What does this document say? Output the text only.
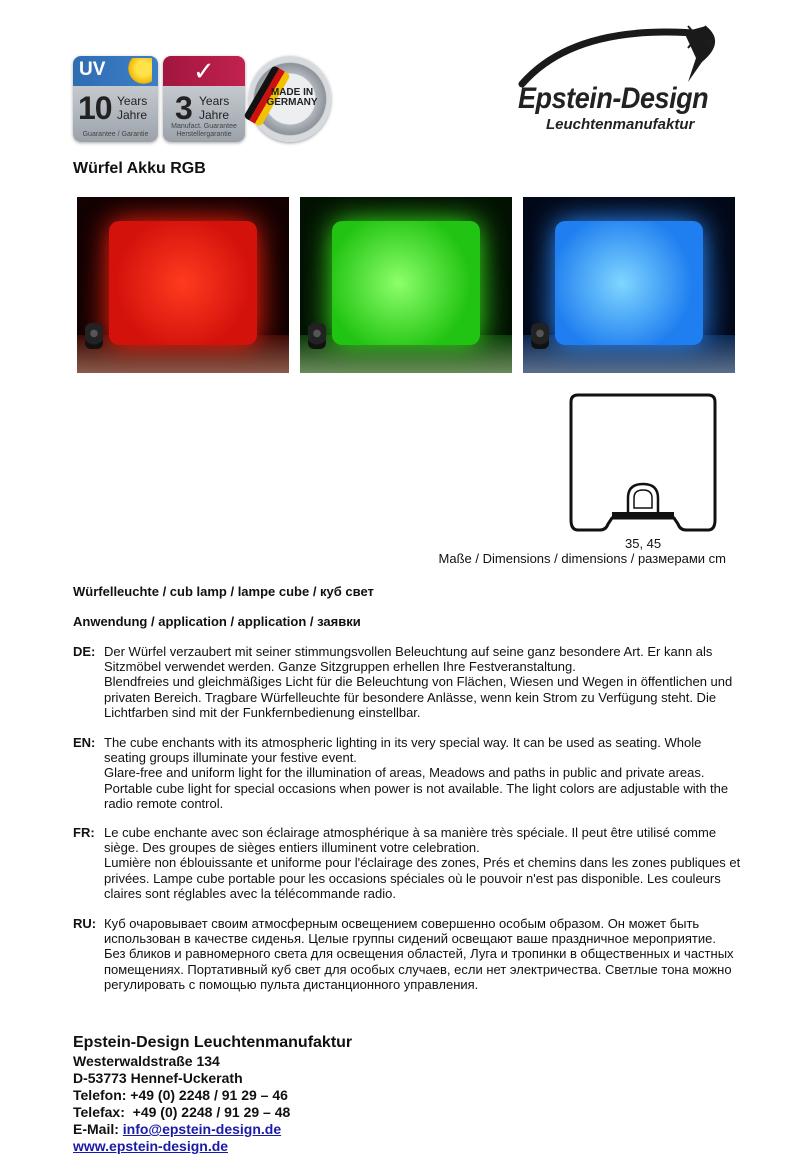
UV
10 Years
Jahre
Guarantee / Garantie
✓
3 Years
Jahre
Manufact. Guarantee
Herstellergarantie
MADE IN
GERMANY
®
Epstein-Design
Leuchtenmanufaktur
Würfel Akku RGB
35, 45
Maße / Dimensions / dimensions / размерами cm
Würfelleuchte / cub lamp / lampe cube / куб свет
Anwendung / application / application / заявки
DE: Der Würfel verzaubert mit seiner stimmungsvollen Beleuchtung auf seine ganz besondere Art. Er kann als Sitzmöbel verwendet werden. Ganze Sitzgruppen erhellen Ihre Festveranstaltung.

Blendfreies und gleichmäßiges Licht für die Beleuchtung von Flächen, Wiesen und Wegen in öffentlichen und privaten Bereich. Tragbare Würfelleuchte für besondere Anlässe, wenn kein Strom zu Verfügung steht. Die Lichtfarben sind mit der Funkfernbedienung einstellbar.

EN: The cube enchants with its atmospheric lighting in its very special way. It can be used as seating. Whole seating groups illuminate your festive event.

Glare-free and uniform light for the illumination of areas, Meadows and paths in public and private areas. Portable cube light for special occasions when power is not available. The light colors are adjustable with the radio remote control.

FR: Le cube enchante avec son éclairage atmosphérique à sa manière très spéciale. Il peut être utilisé comme siège. Des groupes de sièges entiers illuminent votre celebration.

Lumière non éblouissante et uniforme pour l'éclairage des zones, Prés et chemins dans les zones publiques et privées. Lampe cube portable pour les occasions spéciales où le pouvoir n'est pas disponible. Les couleurs claires sont réglables avec la télécommande radio.

RU: Куб очаровывает своим атмосферным освещением совершенно особым образом. Он может быть использован в качестве сиденья. Целые группы сидений освещают ваше праздничное мероприятие.

Без бликов и равномерного света для освещения областей, Луга и тропинки в общественных и частных помещениях. Портативный куб свет для особых случаев, если нет электричества. Светлые тона можно регулировать с помощью пульта дистанционного управления.

Epstein-Design Leuchtenmanufaktur
Westerwaldstraße 134
D-53773 Hennef-Uckerath
Telefon: +49 (0) 2248 / 91 29 – 46
Telefax:  +49 (0) 2248 / 91 29 – 48
E-Mail: info@epstein-design.de
www.epstein-design.de
